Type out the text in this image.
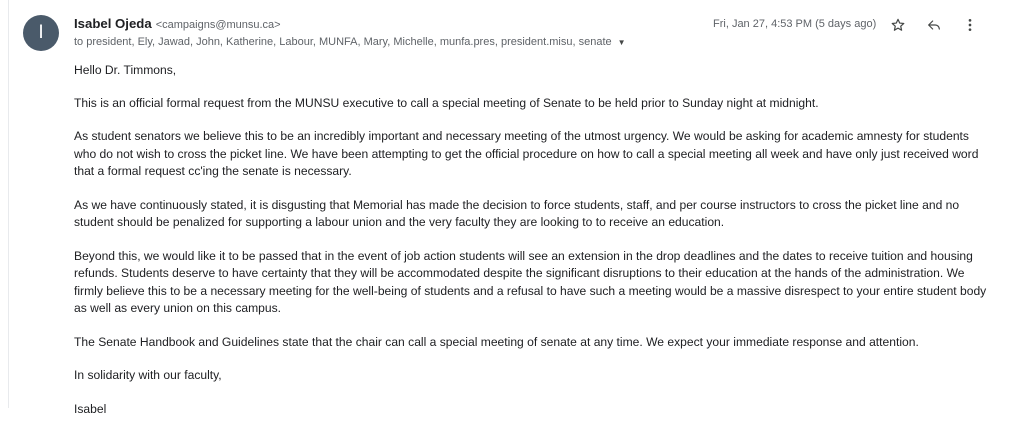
I Isabel Ojeda <campaigns@munsu.ca>
to president, Ely, Jawad, John, Katherine, Labour, MUNFA, Mary, Michelle, munfa.pres, president.misu, senate ▼
Fri, Jan 27, 4:53 PM (5 days ago)

Hello Dr. Timmons,

This is an official formal request from the MUNSU executive to call a special meeting of Senate to be held prior to Sunday night at midnight.

As student senators we believe this to be an incredibly important and necessary meeting of the utmost urgency. We would be asking for academic amnesty for students who do not wish to cross the picket line. We have been attempting to get the official procedure on how to call a special meeting all week and have only just received word that a formal request cc'ing the senate is necessary.

As we have continuously stated, it is disgusting that Memorial has made the decision to force students, staff, and per course instructors to cross the picket line and no student should be penalized for supporting a labour union and the very faculty they are looking to to receive an education.

Beyond this, we would like it to be passed that in the event of job action students will see an extension in the drop deadlines and the dates to receive tuition and housing refunds. Students deserve to have certainty that they will be accommodated despite the significant disruptions to their education at the hands of the administration. We firmly believe this to be a necessary meeting for the well-being of students and a refusal to have such a meeting would be a massive disrespect to your entire student body as well as every union on this campus.

The Senate Handbook and Guidelines state that the chair can call a special meeting of senate at any time. We expect your immediate response and attention.

In solidarity with our faculty,

Isabel
